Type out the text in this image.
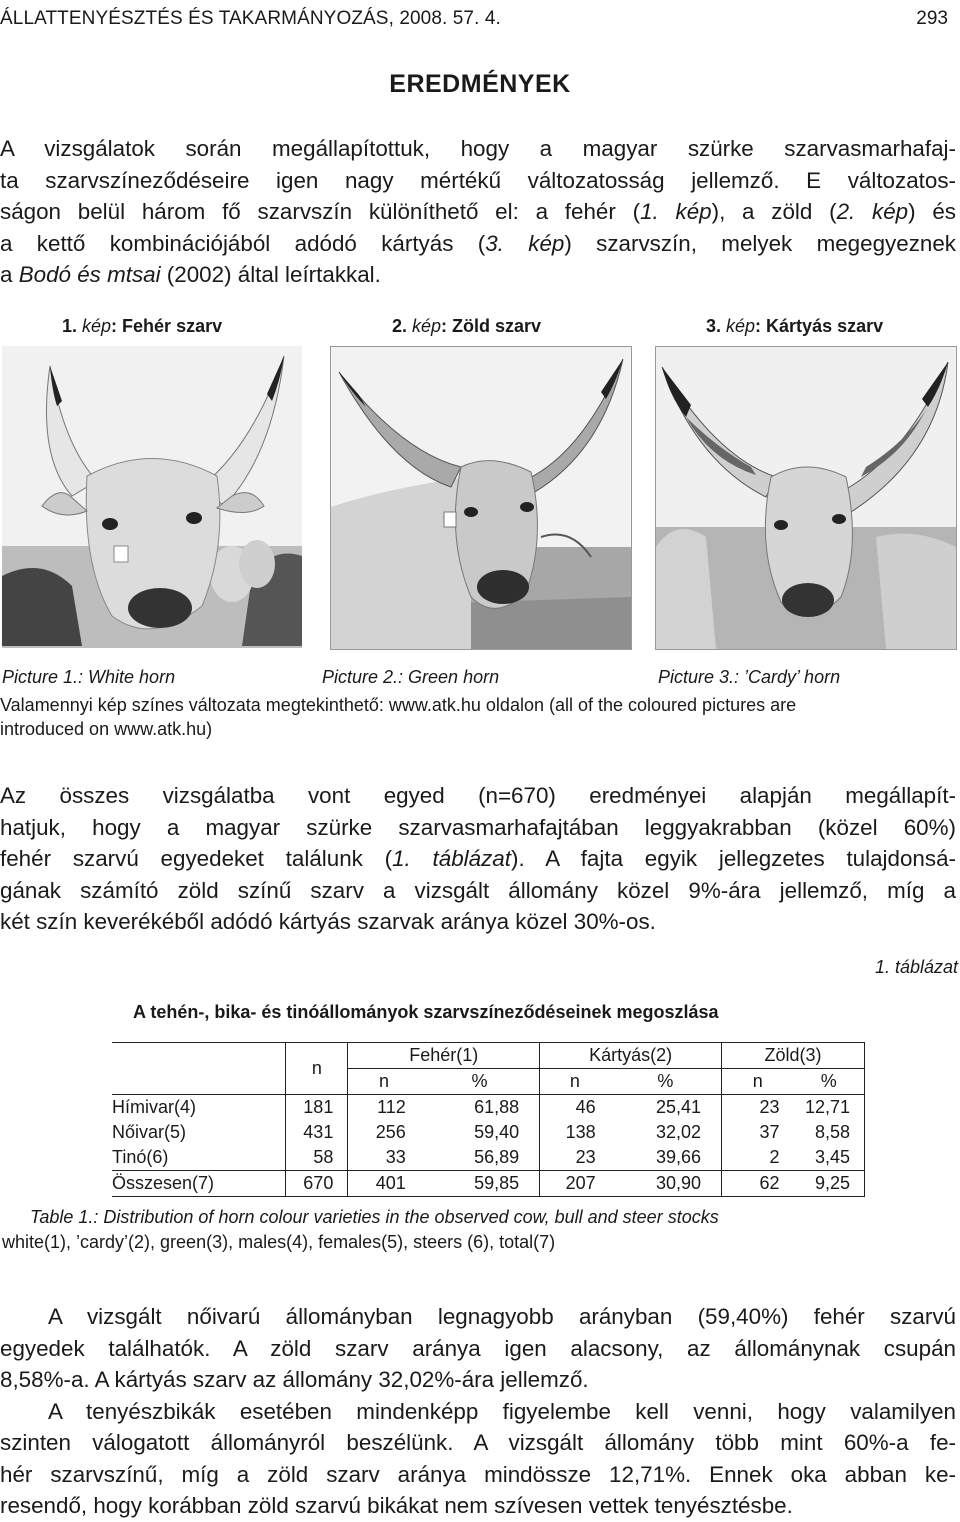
ÁLLATTENYÉSZTÉS ÉS TAKARMÁNYOZÁS, 2008. 57. 4.	293
EREDMÉNYEK
A vizsgálatok során megállapítottuk, hogy a magyar szürke szarvasmarhafaj-
ta szarvszíneződéseire igen nagy mértékű változatosság jellemző. E változatos-
ságon belül három fő szarvszín különíthető el: a fehér (1. kép), a zöld (2. kép) és
a kettő kombinációjából adódó kártyás (3. kép) szarvszín, melyek megegyeznek
a Bodó és mtsai (2002) által leírtakkal.
1. kép: Fehér szarv	2. kép: Zöld szarv	3. kép: Kártyás szarv
Picture 1.: White horn	Picture 2.: Green horn	Picture 3.: ’Cardy’ horn
Valamennyi kép színes változata megtekinthető: www.atk.hu oldalon (all of the coloured pictures are
introduced on www.atk.hu)
Az összes vizsgálatba vont egyed (n=670) eredményei alapján megállapít-
hatjuk, hogy a magyar szürke szarvasmarhafajtában leggyakrabban (közel 60%)
fehér szarvú egyedeket találunk (1. táblázat). A fajta egyik jellegzetes tulajdonsá-
gának számító zöld színű szarv a vizsgált állomány közel 9%-ára jellemző, míg a
két szín keverékéből adódó kártyás szarvak aránya közel 30%-os.
1. táblázat
A tehén-, bika- és tinóállományok szarvszíneződéseinek megoszlása
	n	Fehér(1)		Kártyás(2)		Zöld(3)	
		n	%	n	%	n	%
Hímivar(4)	181	112	61,88	46	25,41	23	12,71
Nőivar(5)	431	256	59,40	138	32,02	37	8,58
Tinó(6)	58	33	56,89	23	39,66	2	3,45
Összesen(7)	670	401	59,85	207	30,90	62	9,25
Table 1.: Distribution of horn colour varieties in the observed cow, bull and steer stocks
white(1), ’cardy’(2), green(3), males(4), females(5), steers (6), total(7)
A vizsgált nőivarú állományban legnagyobb arányban (59,40%) fehér szarvú
egyedek találhatók. A zöld szarv aránya igen alacsony, az állománynak csupán
8,58%-a. A kártyás szarv az állomány 32,02%-ára jellemző.
A tenyészbikák esetében mindenképp figyelembe kell venni, hogy valamilyen
szinten válogatott állományról beszélünk. A vizsgált állomány több mint 60%-a fe-
hér szarvszínű, míg a zöld szarv aránya mindössze 12,71%. Ennek oka abban ke-
resendő, hogy korábban zöld szarvú bikákat nem szívesen vettek tenyésztésbe.
